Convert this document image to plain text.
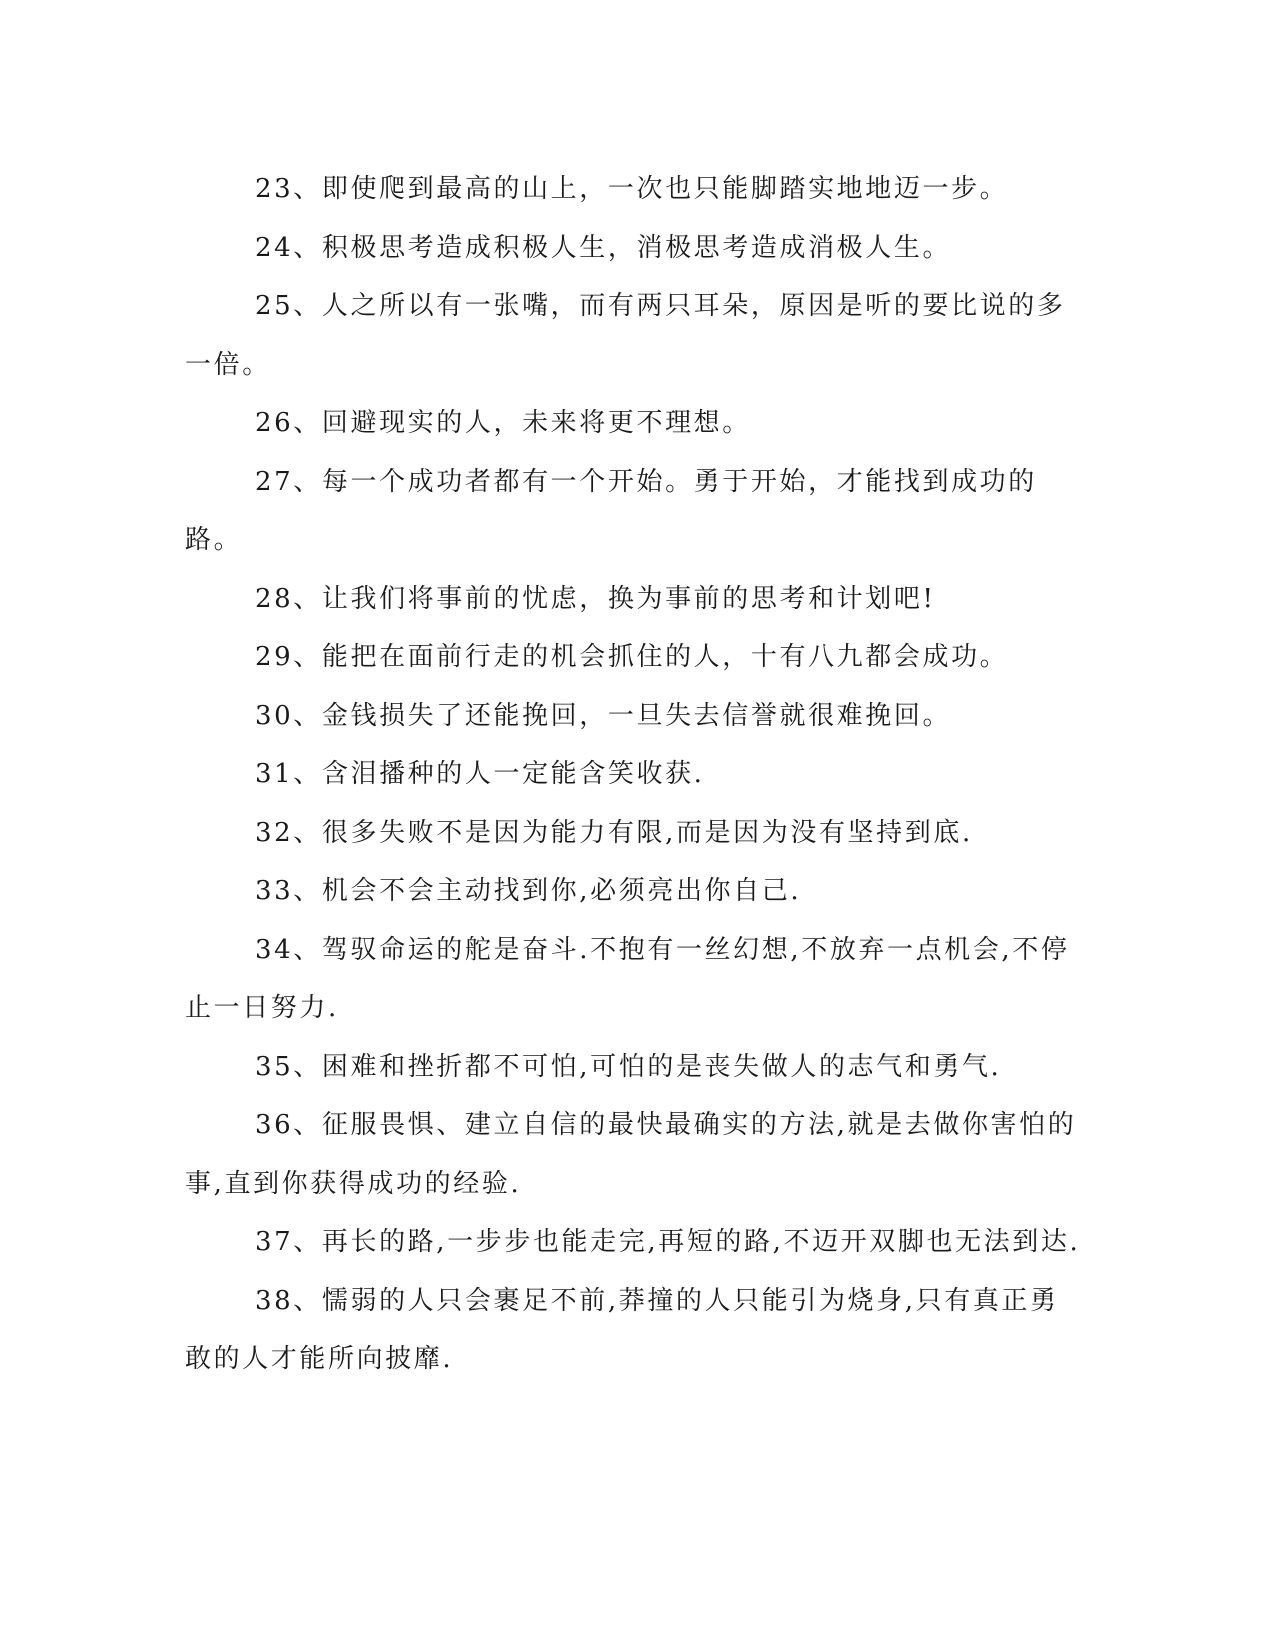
23、即使爬到最高的山上，一次也只能脚踏实地地迈一步。

24、积极思考造成积极人生，消极思考造成消极人生。

25、人之所以有一张嘴，而有两只耳朵，原因是听的要比说的多一倍。

26、回避现实的人，未来将更不理想。

27、每一个成功者都有一个开始。勇于开始，才能找到成功的路。

28、让我们将事前的忧虑，换为事前的思考和计划吧!

29、能把在面前行走的机会抓住的人，十有八九都会成功。

30、金钱损失了还能挽回，一旦失去信誉就很难挽回。

31、含泪播种的人一定能含笑收获.

32、很多失败不是因为能力有限,而是因为没有坚持到底.

33、机会不会主动找到你,必须亮出你自己.

34、驾驭命运的舵是奋斗.不抱有一丝幻想,不放弃一点机会,不停止一日努力.

35、困难和挫折都不可怕,可怕的是丧失做人的志气和勇气.

36、征服畏惧、建立自信的最快最确实的方法,就是去做你害怕的事,直到你获得成功的经验.

37、再长的路,一步步也能走完,再短的路,不迈开双脚也无法到达.

38、懦弱的人只会裹足不前,莽撞的人只能引为烧身,只有真正勇敢的人才能所向披靡.
